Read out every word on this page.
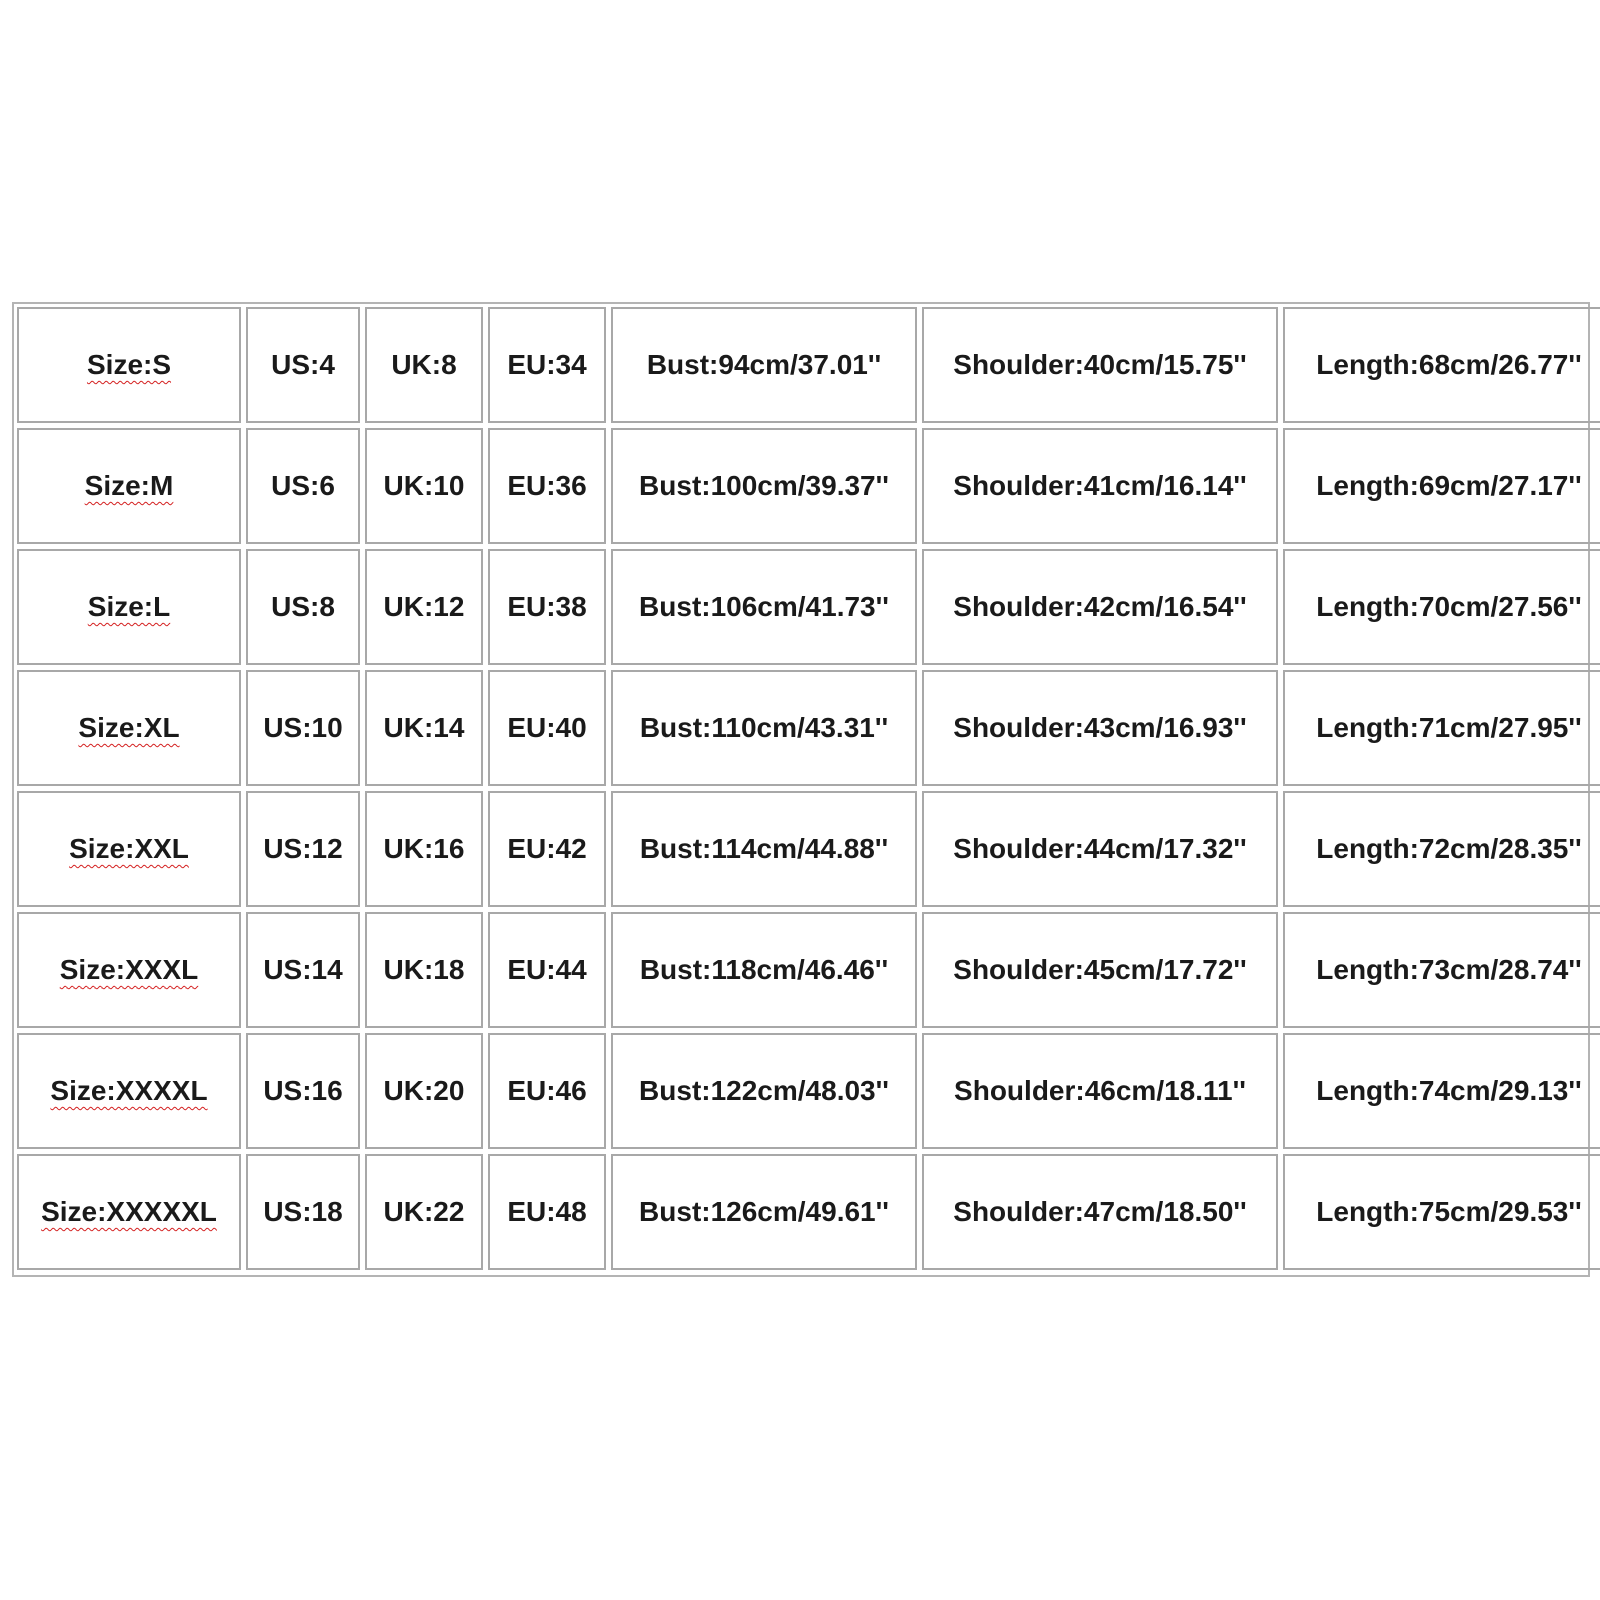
Size:S	US:4	UK:8	EU:34	Bust:94cm/37.01''	Shoulder:40cm/15.75''	Length:68cm/26.77''
Size:M	US:6	UK:10	EU:36	Bust:100cm/39.37''	Shoulder:41cm/16.14''	Length:69cm/27.17''
Size:L	US:8	UK:12	EU:38	Bust:106cm/41.73''	Shoulder:42cm/16.54''	Length:70cm/27.56''
Size:XL	US:10	UK:14	EU:40	Bust:110cm/43.31''	Shoulder:43cm/16.93''	Length:71cm/27.95''
Size:XXL	US:12	UK:16	EU:42	Bust:114cm/44.88''	Shoulder:44cm/17.32''	Length:72cm/28.35''
Size:XXXL	US:14	UK:18	EU:44	Bust:118cm/46.46''	Shoulder:45cm/17.72''	Length:73cm/28.74''
Size:XXXXL	US:16	UK:20	EU:46	Bust:122cm/48.03''	Shoulder:46cm/18.11''	Length:74cm/29.13''
Size:XXXXXL	US:18	UK:22	EU:48	Bust:126cm/49.61''	Shoulder:47cm/18.50''	Length:75cm/29.53''
